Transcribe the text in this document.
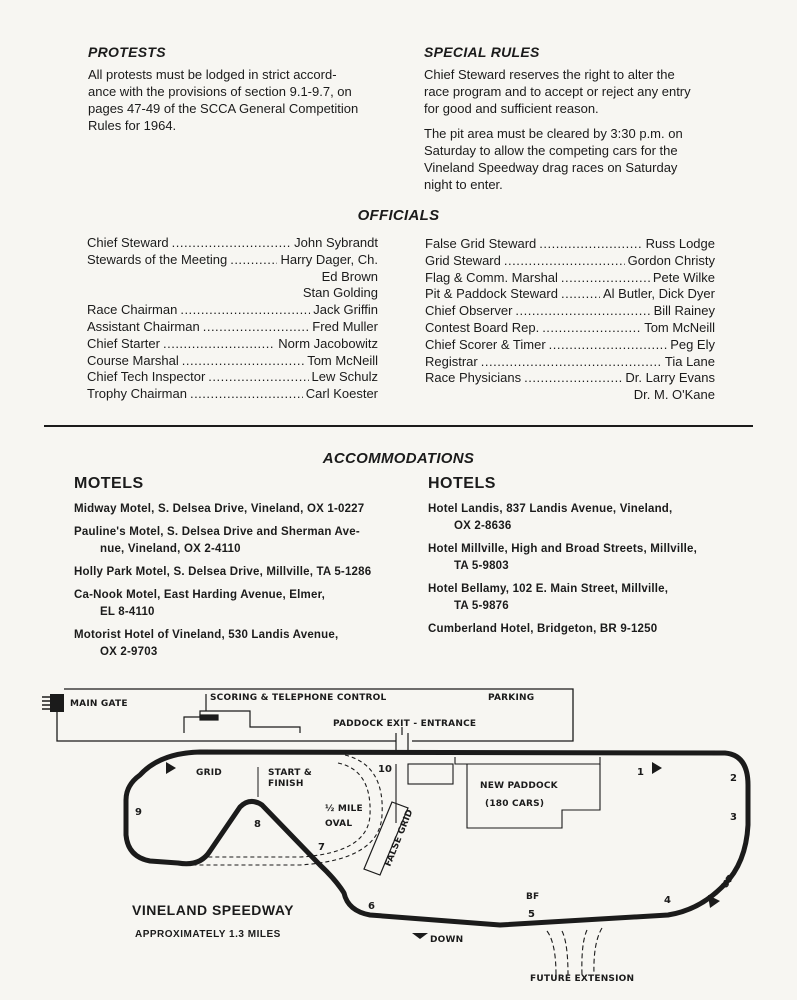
PROTESTS

All protests must be lodged in strict accord-
ance with the provisions of section 9.1-9.7, on
pages 47-49 of the SCCA General Competition
Rules for 1964.

SPECIAL RULES

Chief Steward reserves the right to alter the
race program and to accept or reject any entry
for good and sufficient reason.

The pit area must be cleared by 3:30 p.m. on
Saturday to allow the competing cars for the
Vineland Speedway drag races on Saturday
night to enter.

OFFICIALS
Chief Steward .....	John Sybrandt
Stewards of the Meeting .....	Harry Dager, Ch.
Ed Brown
Stan Golding
Race Chairman .....	Jack Griffin
Assistant Chairman .....	Fred Muller
Chief Starter .....	Norm Jacobowitz
Course Marshal .....	Tom McNeill
Chief Tech Inspector .....	Lew Schulz
Trophy Chairman .....	Carl Koester
False Grid Steward .....	Russ Lodge
Grid Steward .....	Gordon Christy
Flag & Comm. Marshal .....	Pete Wilke
Pit & Paddock Steward .....	Al Butler, Dick Dyer
Chief Observer .....	Bill Rainey
Contest Board Rep. .....	Tom McNeill
Chief Scorer & Timer .....	Peg Ely
Registrar .....	Tia Lane
Race Physicians .....	Dr. Larry Evans
Dr. M. O'Kane
ACCOMMODATIONS
MOTELS	HOTELS

Midway Motel, S. Delsea Drive, Vineland, OX 1-0227

Pauline's Motel, S. Delsea Drive and Sherman Ave-
nue, Vineland, OX 2-4110

Holly Park Motel, S. Delsea Drive, Millville, TA 5-1286

Ca-Nook Motel, East Harding Avenue, Elmer,
EL 8-4110

Motorist Hotel of Vineland, 530 Landis Avenue,
OX 2-9703

Hotel Landis, 837 Landis Avenue, Vineland,
OX 2-8636

Hotel Millville, High and Broad Streets, Millville,
TA 5-9803

Hotel Bellamy, 102 E. Main Street, Millville,
TA 5-9876

Cumberland Hotel, Bridgeton, BR 9-1250

FALSE GRID
MAIN GATE
SCORING & TELEPHONE CONTROL	PARKING
PADDOCK EXIT - ENTRANCE
GRID	START &
FINISH	NEW PADDOCK
(180 CARS)
½ MILE
OVAL
BF
UP
DOWN
FUTURE EXTENSION
1
2
3
4
5
6
7
8
9
10
VINELAND SPEEDWAY
APPROXIMATELY 1.3 MILES
